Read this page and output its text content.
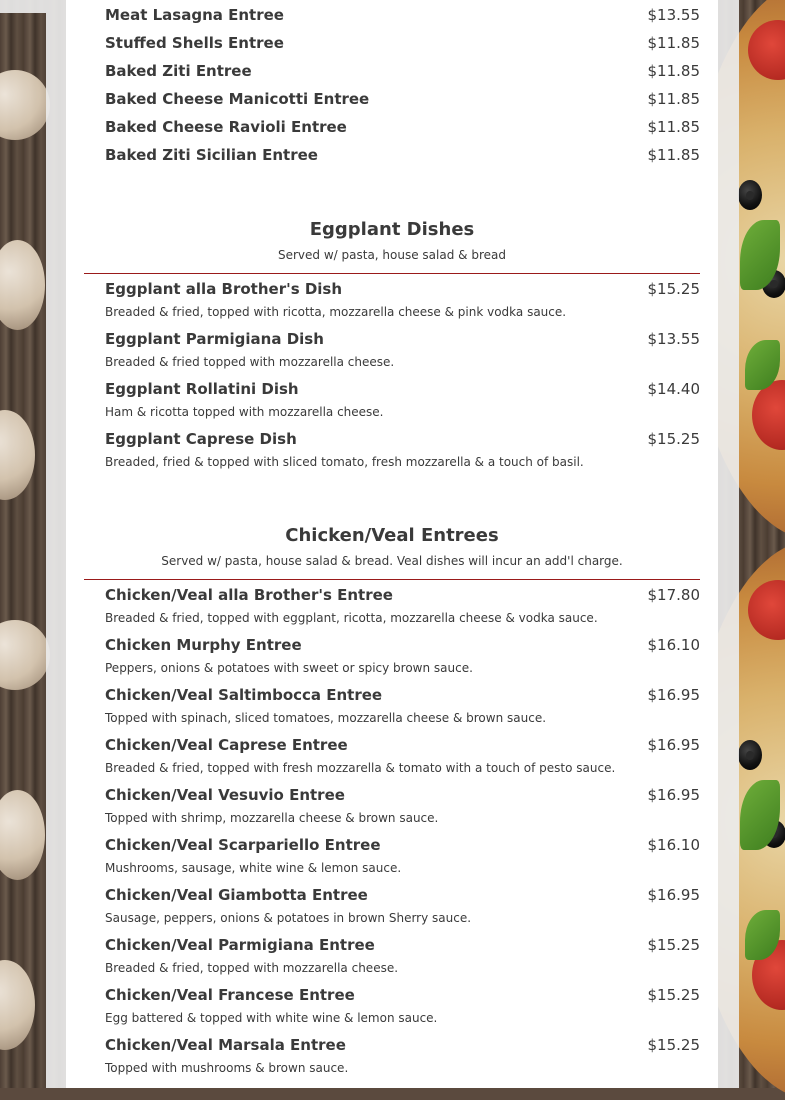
Meat Lasagna Entree	$13.55
Stuffed Shells Entree	$11.85
Baked Ziti Entree	$11.85
Baked Cheese Manicotti Entree	$11.85
Baked Cheese Ravioli Entree	$11.85
Baked Ziti Sicilian Entree	$11.85
Eggplant Dishes
Served w/ pasta, house salad & bread
Eggplant alla Brother's Dish	$15.25
Breaded & fried, topped with ricotta, mozzarella cheese & pink vodka sauce.
Eggplant Parmigiana Dish	$13.55
Breaded & fried topped with mozzarella cheese.
Eggplant Rollatini Dish	$14.40
Ham & ricotta topped with mozzarella cheese.
Eggplant Caprese Dish	$15.25
Breaded, fried & topped with sliced tomato, fresh mozzarella & a touch of basil.
Chicken/Veal Entrees
Served w/ pasta, house salad & bread. Veal dishes will incur an add'l charge.
Chicken/Veal alla Brother's Entree	$17.80
Breaded & fried, topped with eggplant, ricotta, mozzarella cheese & vodka sauce.
Chicken Murphy Entree	$16.10
Peppers, onions & potatoes with sweet or spicy brown sauce.
Chicken/Veal Saltimbocca Entree	$16.95
Topped with spinach, sliced tomatoes, mozzarella cheese & brown sauce.
Chicken/Veal Caprese Entree	$16.95
Breaded & fried, topped with fresh mozzarella & tomato with a touch of pesto sauce.
Chicken/Veal Vesuvio Entree	$16.95
Topped with shrimp, mozzarella cheese & brown sauce.
Chicken/Veal Scarpariello Entree	$16.10
Mushrooms, sausage, white wine & lemon sauce.
Chicken/Veal Giambotta Entree	$16.95
Sausage, peppers, onions & potatoes in brown Sherry sauce.
Chicken/Veal Parmigiana Entree	$15.25
Breaded & fried, topped with mozzarella cheese.
Chicken/Veal Francese Entree	$15.25
Egg battered & topped with white wine & lemon sauce.
Chicken/Veal Marsala Entree	$15.25
Topped with mushrooms & brown sauce.
